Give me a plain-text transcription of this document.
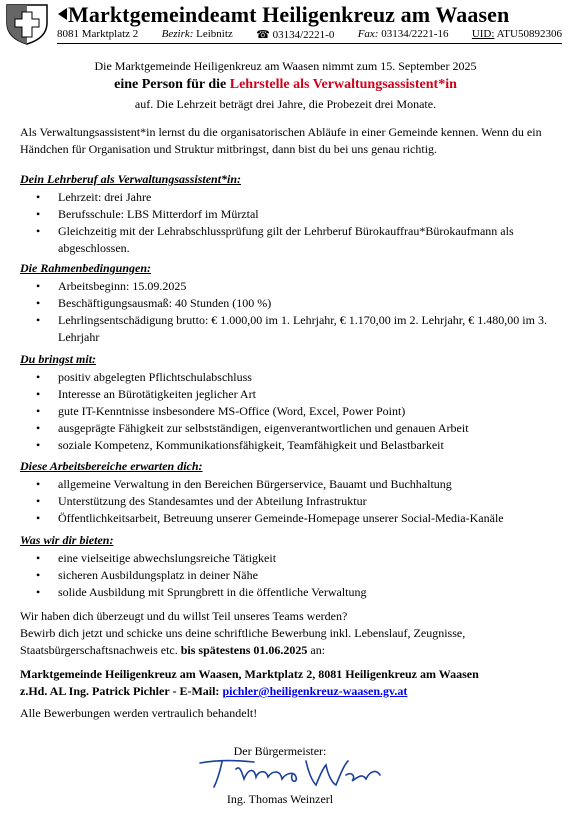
Marktgemeindeamt Heiligenkreuz am Waasen
8081 Marktplatz 2 Bezirk: Leibnitz ☎ 03134/2221-0 Fax: 03134/2221-16 UID: ATU50892306
Die Marktgemeinde Heiligenkreuz am Waasen nimmt zum 15. September 2025
eine Person für die Lehrstelle als Verwaltungsassistent*in
auf. Die Lehrzeit beträgt drei Jahre, die Probezeit drei Monate.
Als Verwaltungsassistent*in lernst du die organisatorischen Abläufe in einer Gemeinde kennen. Wenn du ein Händchen für Organisation und Struktur mitbringst, dann bist du bei uns genau richtig.
Dein Lehrberuf als Verwaltungsassistent*in:
• Lehrzeit: drei Jahre
• Berufsschule: LBS Mitterdorf im Mürztal
• Gleichzeitig mit der Lehrabschlussprüfung gilt der Lehrberuf Bürokauffrau*Bürokaufmann als abgeschlossen.
Die Rahmenbedingungen:
• Arbeitsbeginn: 15.09.2025
• Beschäftigungsausmaß: 40 Stunden (100 %)
• Lehrlingsentschädigung brutto: € 1.000,00 im 1. Lehrjahr, € 1.170,00 im 2. Lehrjahr, € 1.480,00 im 3. Lehrjahr
Du bringst mit:
• positiv abgelegten Pflichtschulabschluss
• Interesse an Bürotätigkeiten jeglicher Art
• gute IT-Kenntnisse insbesondere MS-Office (Word, Excel, Power Point)
• ausgeprägte Fähigkeit zur selbstständigen, eigenverantwortlichen und genauen Arbeit
• soziale Kompetenz, Kommunikationsfähigkeit, Teamfähigkeit und Belastbarkeit
Diese Arbeitsbereiche erwarten dich:
• allgemeine Verwaltung in den Bereichen Bürgerservice, Bauamt und Buchhaltung
• Unterstützung des Standesamtes und der Abteilung Infrastruktur
• Öffentlichkeitsarbeit, Betreuung unserer Gemeinde-Homepage unserer Social-Media-Kanäle
Was wir dir bieten:
• eine vielseitige abwechslungsreiche Tätigkeit
• sicheren Ausbildungsplatz in deiner Nähe
• solide Ausbildung mit Sprungbrett in die öffentliche Verwaltung
Wir haben dich überzeugt und du willst Teil unseres Teams werden?
Bewirb dich jetzt und schicke uns deine schriftliche Bewerbung inkl. Lebenslauf, Zeugnisse,
Staatsbürgerschaftsnachweis etc. bis spätestens 01.06.2025 an:
Marktgemeinde Heiligenkreuz am Waasen, Marktplatz 2, 8081 Heiligenkreuz am Waasen
z.Hd. AL Ing. Patrick Pichler - E-Mail: pichler@heiligenkreuz-waasen.gv.at
Alle Bewerbungen werden vertraulich behandelt!
Der Bürgermeister:
Ing. Thomas Weinzerl
